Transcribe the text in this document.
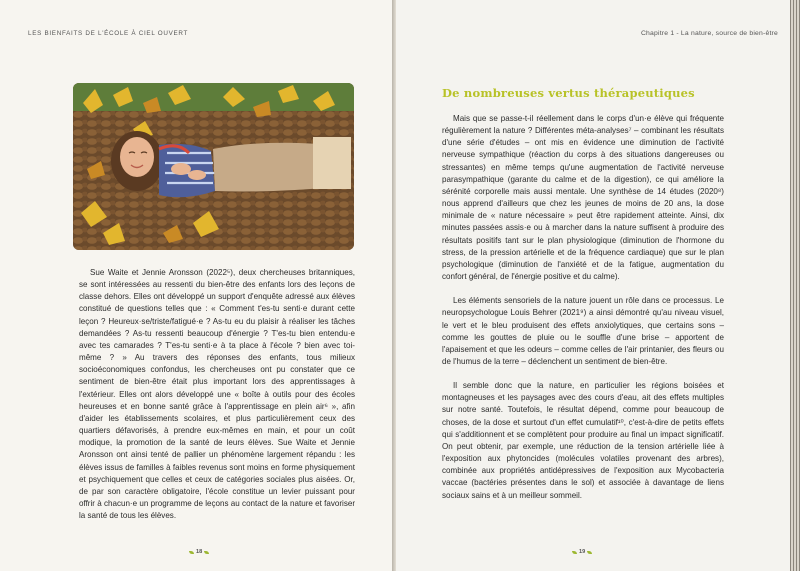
LES BIENFAITS DE L'ÉCOLE À CIEL OUVERT

Sue Waite et Jennie Aronsson (2022⁵), deux chercheuses britanniques, se sont intéressées au ressenti du bien-être des enfants lors des leçons de classe dehors. Elles ont développé un support d'enquête adressé aux élèves constitué de questions telles que : « Comment t'es-tu senti·e durant cette leçon ? Heureux·se/triste/fatigué·e ? As-tu eu du plaisir à réaliser les tâches demandées ? As-tu ressenti beaucoup d'énergie ? T'es-tu bien entendu·e avec tes camarades ? T'es-tu senti·e à ta place à l'école ? bien avec toi-même ? » Au travers des réponses des enfants, tous milieux socioéconomiques confondus, les chercheuses ont pu constater que ce sentiment de bien-être était plus important lors des apprentissages à l'extérieur. Elles ont alors développé une « boîte à outils pour des écoles heureuses et en bonne santé grâce à l'apprentissage en plein air⁶ », afin d'aider les établissements scolaires, et plus particulièrement ceux des quartiers défavorisés, à prendre eux-mêmes en main, et pour un coût modique, la promotion de la santé de leurs élèves. Sue Waite et Jennie Aronsson ont ainsi tenté de pallier un phénomène largement répandu : les élèves issus de familles à faibles revenus sont moins en forme physiquement et psychiquement que celles et ceux de catégories sociales plus aisées. Or, de par son caractère obligatoire, l'école constitue un levier puissant pour offrir à chacun·e un programme de leçons au contact de la nature et favoriser la santé de tous les élèves.

18
Chapitre 1 - La nature, source de bien-être
19
De nombreuses vertus thérapeutiques

Mais que se passe-t-il réellement dans le corps d'un·e élève qui fréquente régulièrement la nature ? Différentes méta-analyses⁷ – combinant les résultats d'une série d'études – ont mis en évidence une diminution de l'activité nerveuse sympathique (réaction du corps à des situations dangereuses ou stressantes) en même temps qu'une augmentation de l'activité nerveuse parasympathique (garante du calme et de la digestion), ce qui améliore la sérénité corporelle mais aussi mentale. Une synthèse de 14 études (2020⁸) nous apprend d'ailleurs que chez les jeunes de moins de 20 ans, la dose minimale de « nature nécessaire » peut être rapidement atteinte. Ainsi, dix minutes passées assis·e ou à marcher dans la nature suffisent à produire des résultats positifs tant sur le plan physiologique (diminution de l'hormone du stress, de la pression artérielle et de la fréquence cardiaque) que sur le plan psychologique (diminution de l'anxiété et de la fatigue, augmentation du confort général, de l'énergie positive et du calme).

Les éléments sensoriels de la nature jouent un rôle dans ce processus. Le neuropsychologue Louis Behrer (2021⁹) a ainsi démontré qu'au niveau visuel, le vert et le bleu produisent des effets anxiolytiques, que certains sons – comme les gouttes de pluie ou le souffle d'une brise – apportent de l'apaisement et que les odeurs – comme celles de l'air printanier, des fleurs ou de l'humus de la terre – déclenchent un sentiment de bien-être.

Il semble donc que la nature, en particulier les régions boisées et montagneuses et les paysages avec des cours d'eau, ait des effets multiples sur notre santé. Toutefois, le résultat dépend, comme pour beaucoup de choses, de la dose et surtout d'un effet cumulatif¹⁰, c'est-à-dire de petits effets qui s'additionnent et se complètent pour produire au final un impact significatif. On peut obtenir, par exemple, une réduction de la tension artérielle liée à l'exposition aux phytoncides (molécules volatiles provenant des arbres), combinée aux propriétés antidépressives de l'exposition aux Mycobacteria vaccae (bactéries présentes dans le sol) et associée à davantage de liens sociaux sains et à un meilleur sommeil.
